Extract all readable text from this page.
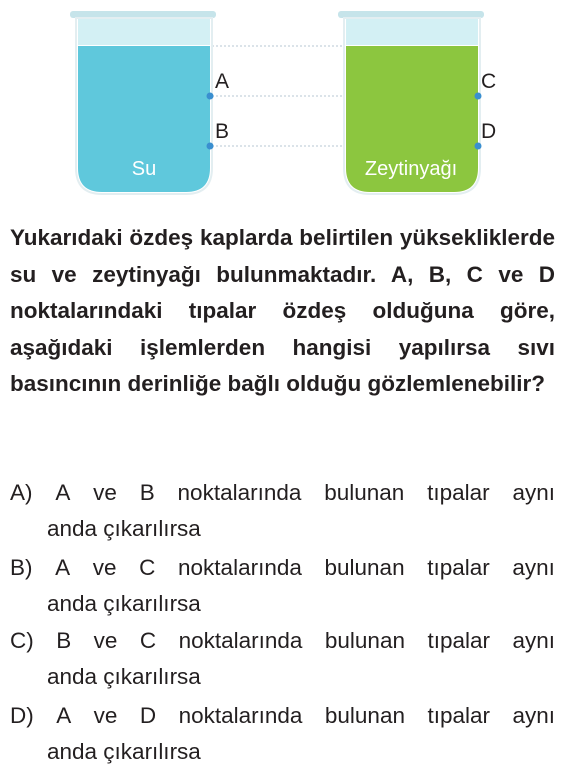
Su	Zeytinyağı
A
B
C
D

Yukarıdaki özdeş kaplarda belirtilen yüksekliklerde su ve zeytinyağı bulunmaktadır. A, B, C ve D noktalarındaki tıpalar özdeş olduğuna göre, aşağıdaki işlemlerden hangisi yapılırsa sıvı basıncının derinliğe bağlı olduğu gözlemlenebilir?

A) A ve B noktalarında bulunan tıpalar aynı
anda çıkarılırsa
B) A ve C noktalarında bulunan tıpalar aynı
anda çıkarılırsa
C) B ve C noktalarında bulunan tıpalar aynı
anda çıkarılırsa
D) A ve D noktalarında bulunan tıpalar aynı
anda çıkarılırsa
